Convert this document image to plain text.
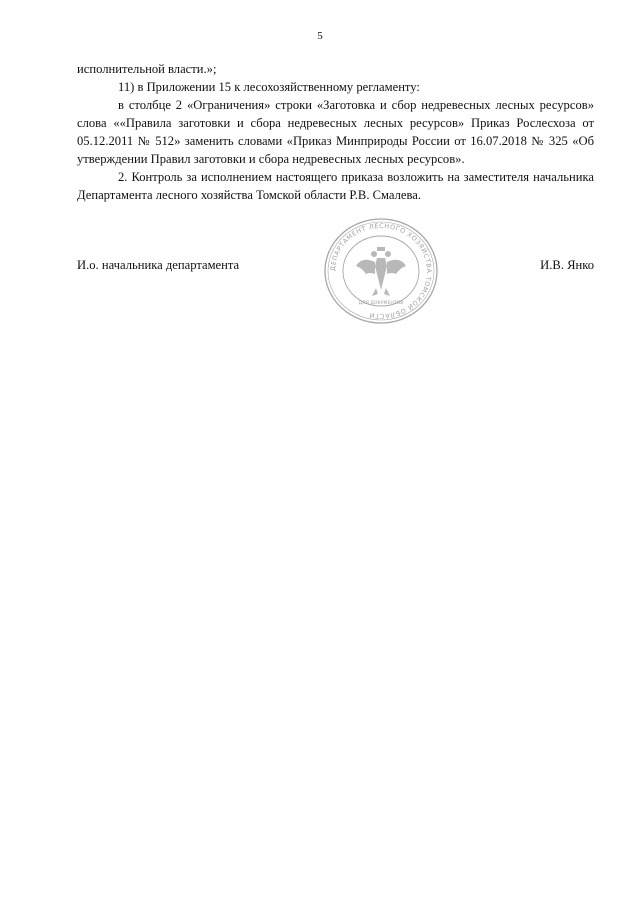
5

исполнительной власти.»;

11) в Приложении 15 к лесохозяйственному регламенту:

в столбце 2 «Ограничения» строки «Заготовка и сбор недревесных лесных ресурсов» слова ««Правила заготовки и сбора недревесных лесных ресурсов» Приказ Рослесхоза от 05.12.2011 № 512» заменить словами «Приказ Минприроды России от 16.07.2018 № 325 «Об утверждении Правил заготовки и сбора недревесных лесных ресурсов».

2. Контроль за исполнением настоящего приказа возложить на заместителя начальника Департамента лесного хозяйства Томской области Р.В. Смалева.

И.о. начальника департамента	И.В. Янко
ДЕПАРТАМЕНТ ЛЕСНОГО ХОЗЯЙСТВА ТОМСКОЙ ОБЛАСТИ
ДЛЯ ДОКУМЕНТОВ
